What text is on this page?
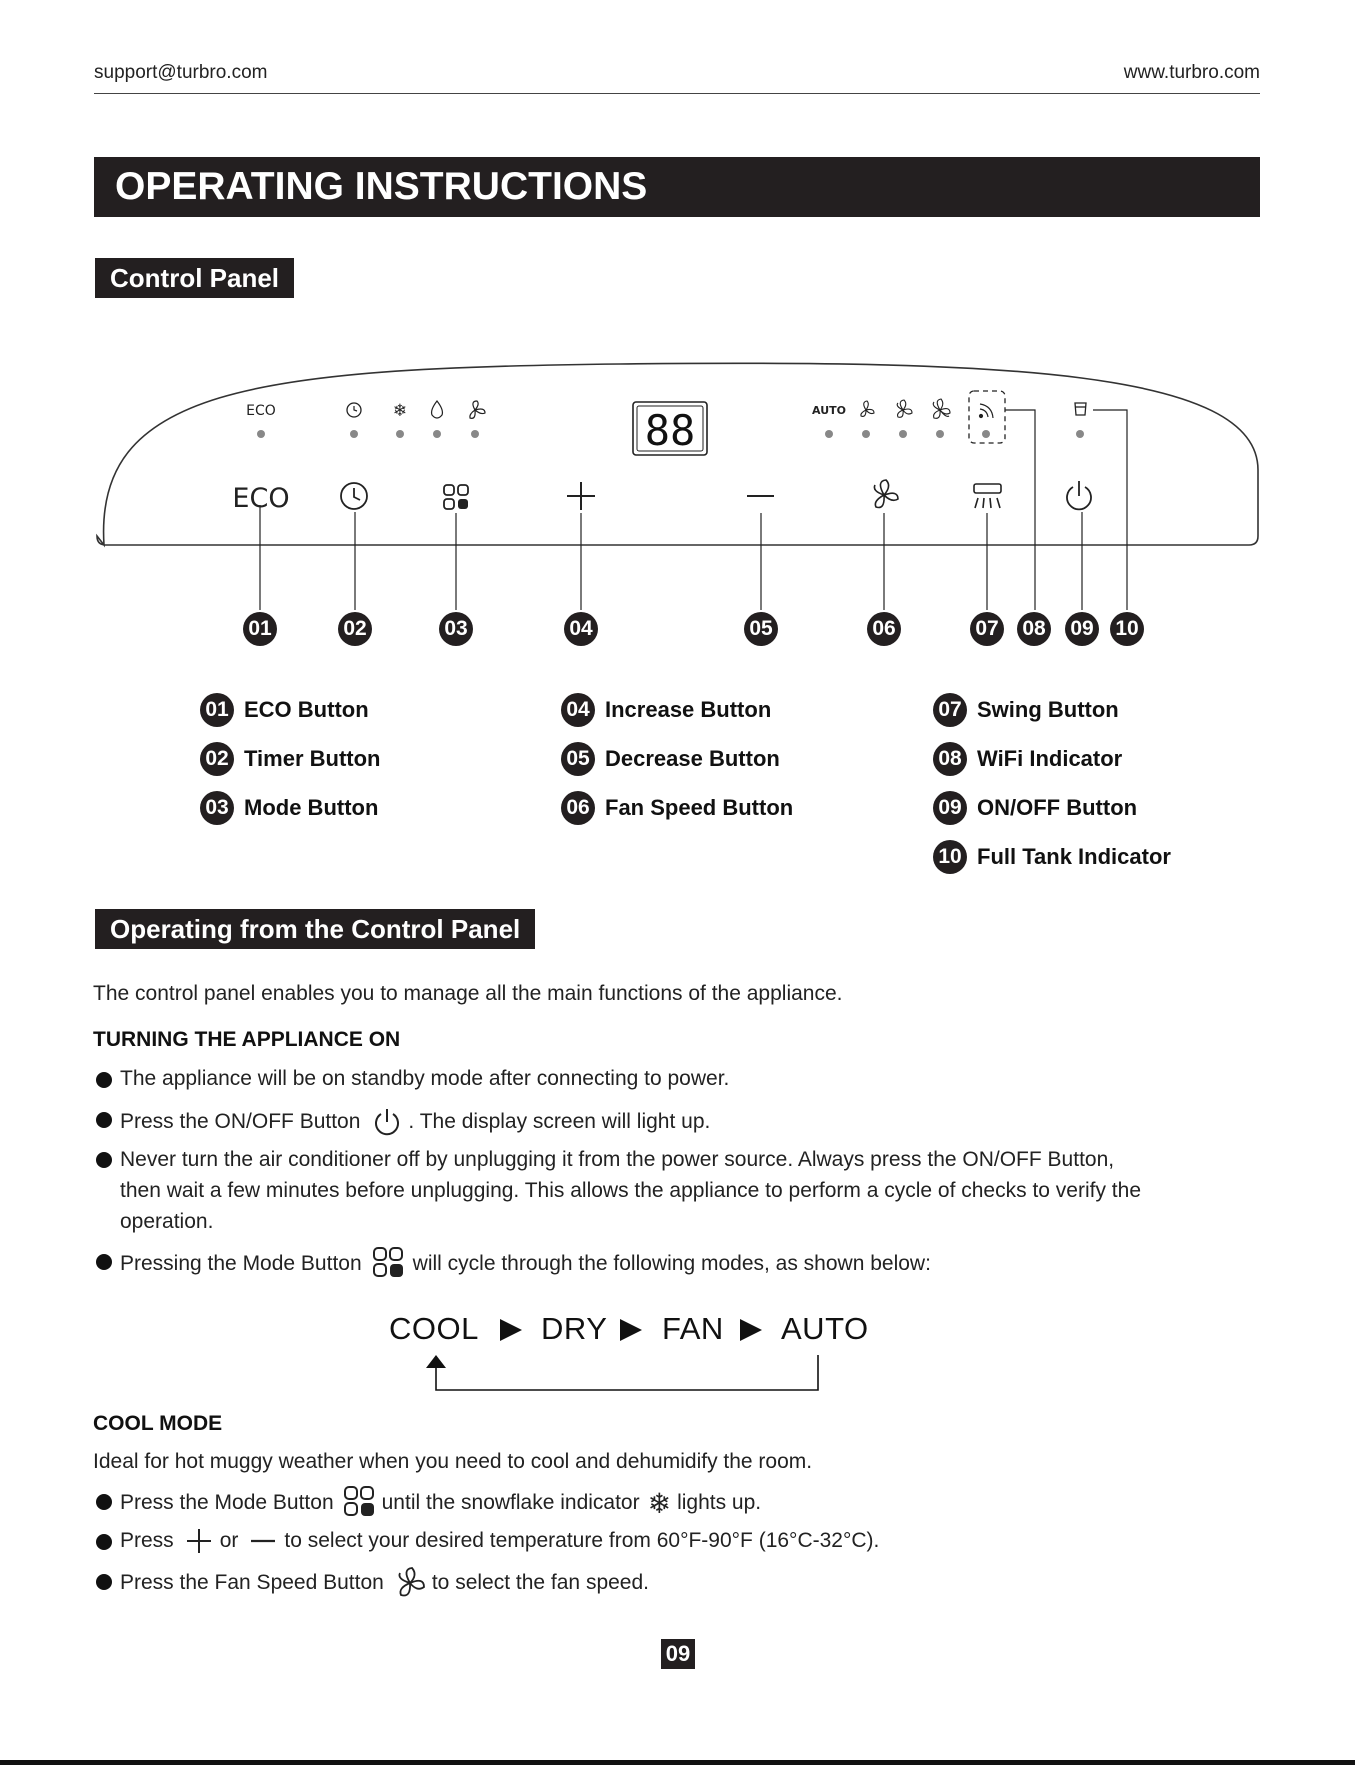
support@turbro.com	www.turbro.com
OPERATING INSTRUCTIONS
Control Panel
ECO	❄	88	AUTO
ECO
01	02	03	04	05	06	07 08 09 10
01 ECO Button
02 Timer Button
03 Mode Button
04 Increase Button
05 Decrease Button
06 Fan Speed Button
07 Swing Button
08 WiFi Indicator
09 ON/OFF Button
10 Full Tank Indicator
Operating from the Control Panel
The control panel enables you to manage all the main functions of the appliance.
TURNING THE APPLIANCE ON
The appliance will be on standby mode after connecting to power.
Press the ON/OFF Button . The display screen will light up.
Never turn the air conditioner off by unplugging it from the power source. Always press the ON/OFF Button,
then wait a few minutes before unplugging. This allows the appliance to perform a cycle of checks to verify the
operation.
Pressing the Mode Button will cycle through the following modes, as shown below:
COOL DRY FAN AUTO
COOL MODE
Ideal for hot muggy weather when you need to cool and dehumidify the room.
Press the Mode Button until the snowflake indicator ❄ lights up.
Press or to select your desired temperature from 60°F-90°F (16°C-32°C).
Press the Fan Speed Button to select the fan speed.
09
